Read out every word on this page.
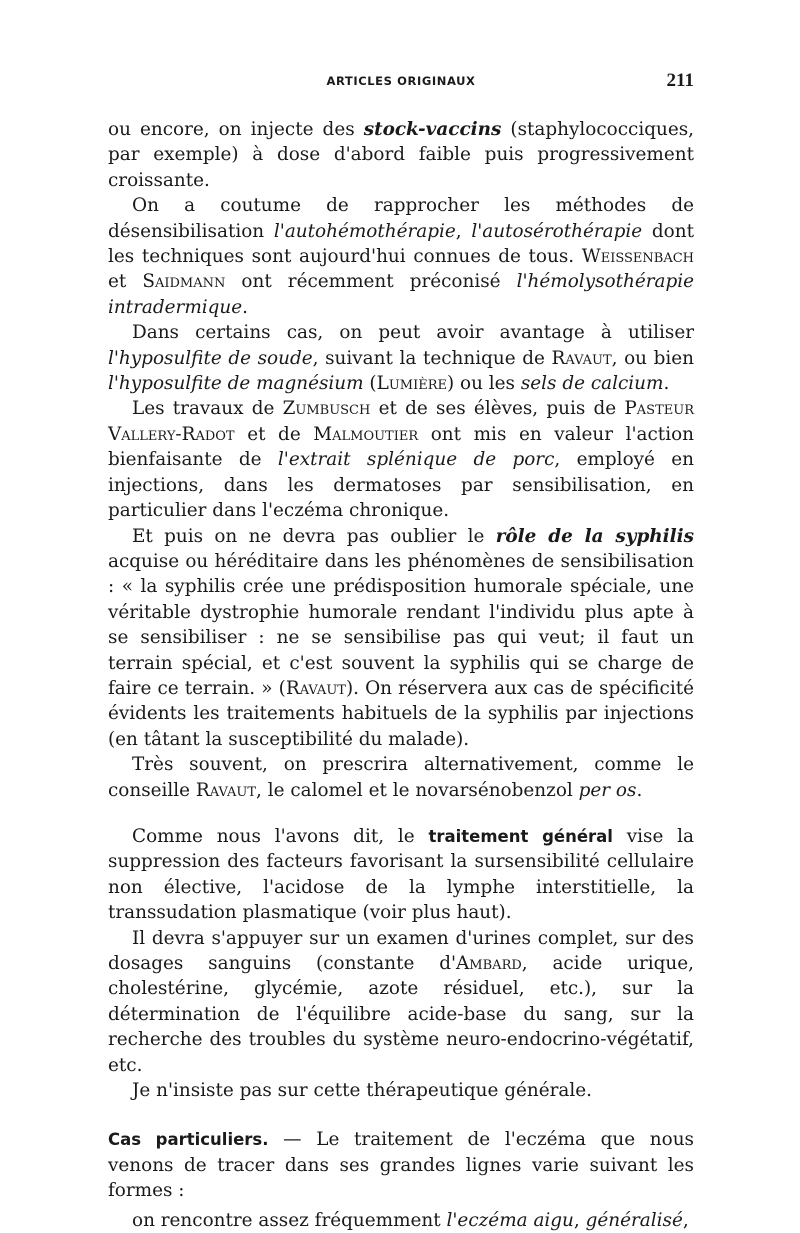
ARTICLES ORIGINAUX	211

ou encore, on injecte des stock-vaccins (staphylococciques, par exemple) à dose d'abord faible puis progressivement croissante.

On a coutume de rapprocher les méthodes de désensibilisation l'autohémothérapie, l'autosérothérapie dont les techniques sont aujourd'hui connues de tous. Weissenbach et Saidmann ont récemment préconisé l'hémolysothérapie intradermique.

Dans certains cas, on peut avoir avantage à utiliser l'hyposulfite de soude, suivant la technique de Ravaut, ou bien l'hyposulfite de magnésium (Lumière) ou les sels de calcium.

Les travaux de Zumbusch et de ses élèves, puis de Pasteur Vallery-Radot et de Malmoutier ont mis en valeur l'action bienfaisante de l'extrait splénique de porc, employé en injections, dans les dermatoses par sensibilisation, en particulier dans l'eczéma chronique.

Et puis on ne devra pas oublier le rôle de la syphilis acquise ou héréditaire dans les phénomènes de sensibilisation : « la syphilis crée une prédisposition humorale spéciale, une véritable dystrophie humorale rendant l'individu plus apte à se sensibiliser : ne se sensibilise pas qui veut; il faut un terrain spécial, et c'est souvent la syphilis qui se charge de faire ce terrain. » (Ravaut). On réservera aux cas de spécificité évidents les traitements habituels de la syphilis par injections (en tâtant la susceptibilité du malade).

Très souvent, on prescrira alternativement, comme le conseille Ravaut, le calomel et le novarsénobenzol per os.

Comme nous l'avons dit, le traitement général vise la suppression des facteurs favorisant la sursensibilité cellulaire non élective, l'acidose de la lymphe interstitielle, la transsudation plasmatique (voir plus haut).

Il devra s'appuyer sur un examen d'urines complet, sur des dosages sanguins (constante d'Ambard, acide urique, cholestérine, glycémie, azote résiduel, etc.), sur la détermination de l'équilibre acide-base du sang, sur la recherche des troubles du système neuro-endocrino-végétatif, etc.

Je n'insiste pas sur cette thérapeutique générale.

Cas particuliers. — Le traitement de l'eczéma que nous venons de tracer dans ses grandes lignes varie suivant les formes :

on rencontre assez fréquemment l'eczéma aigu, généralisé,
